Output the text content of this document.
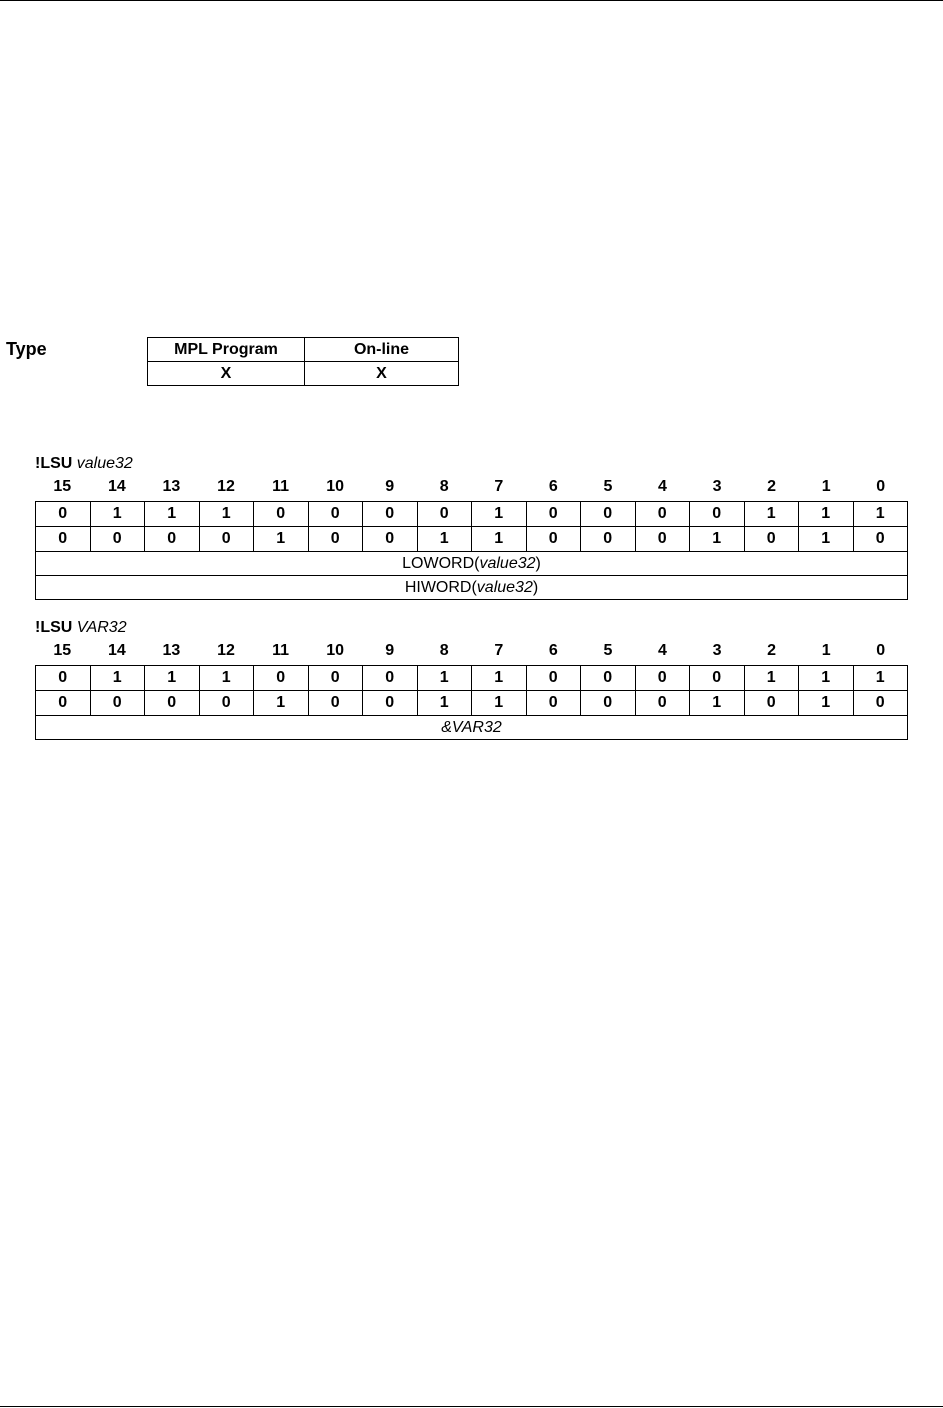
Type	MPL Program	On-line
X	X
!LSU value32
15	14	13	12	11	10	9	8	7	6	5	4	3	2	1	0
0	1	1	1	0	0	0	0	1	0	0	0	0	1	1	1
0	0	0	0	1	0	0	1	1	0	0	0	1	0	1	0
LOWORD(value32)															
HIWORD(value32)															
!LSU VAR32
15	14	13	12	11	10	9	8	7	6	5	4	3	2	1	0
0	1	1	1	0	0	0	1	1	0	0	0	0	1	1	1
0	0	0	0	1	0	0	1	1	0	0	0	1	0	1	0
&VAR32															
